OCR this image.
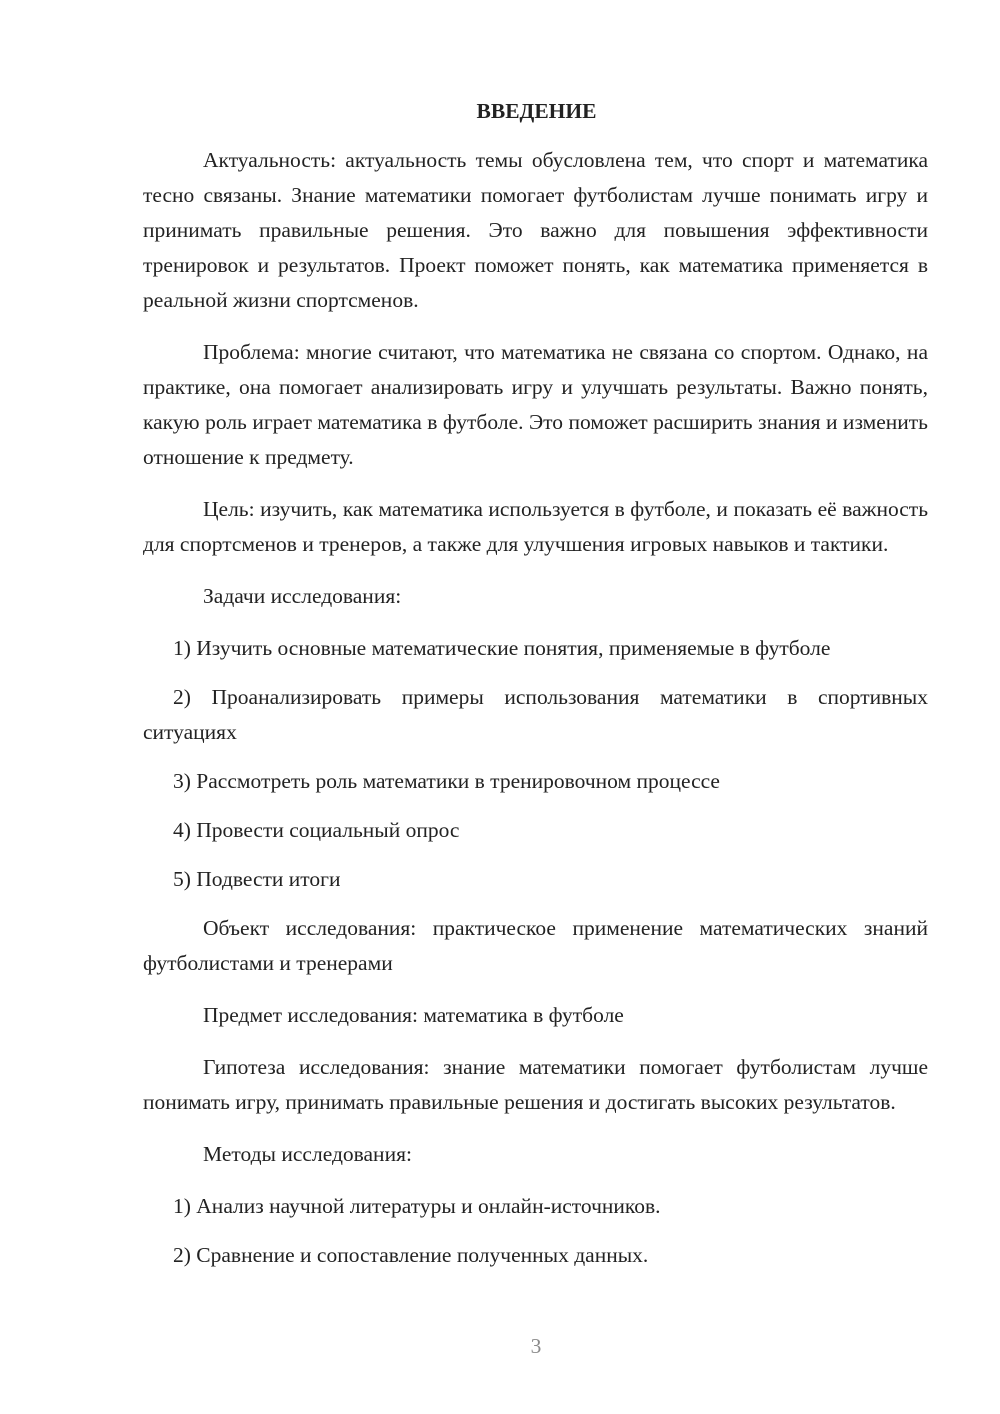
ВВЕДЕНИЕ

Актуальность: актуальность темы обусловлена тем, что спорт и математика тесно связаны. Знание математики помогает футболистам лучше понимать игру и принимать правильные решения. Это важно для повышения эффективности тренировок и результатов. Проект поможет понять, как математика применяется в реальной жизни спортсменов.

Проблема: многие считают, что математика не связана со спортом. Однако, на практике, она помогает анализировать игру и улучшать результаты. Важно понять, какую роль играет математика в футболе. Это поможет расширить знания и изменить отношение к предмету.

Цель: изучить, как математика используется в футболе, и показать её важность для спортсменов и тренеров, а также для улучшения игровых навыков и тактики.

Задачи исследования:

1) Изучить основные математические понятия, применяемые в футболе

2) Проанализировать примеры использования математики в спортивных ситуациях

3) Рассмотреть роль математики в тренировочном процессе

4) Провести социальный опрос

5) Подвести итоги

Объект исследования: практическое применение математических знаний футболистами и тренерами

Предмет исследования: математика в футболе

Гипотеза исследования: знание математики помогает футболистам лучше понимать игру, принимать правильные решения и достигать высоких результатов.

Методы исследования:

1) Анализ научной литературы и онлайн-источников.

2) Сравнение и сопоставление полученных данных.

3
